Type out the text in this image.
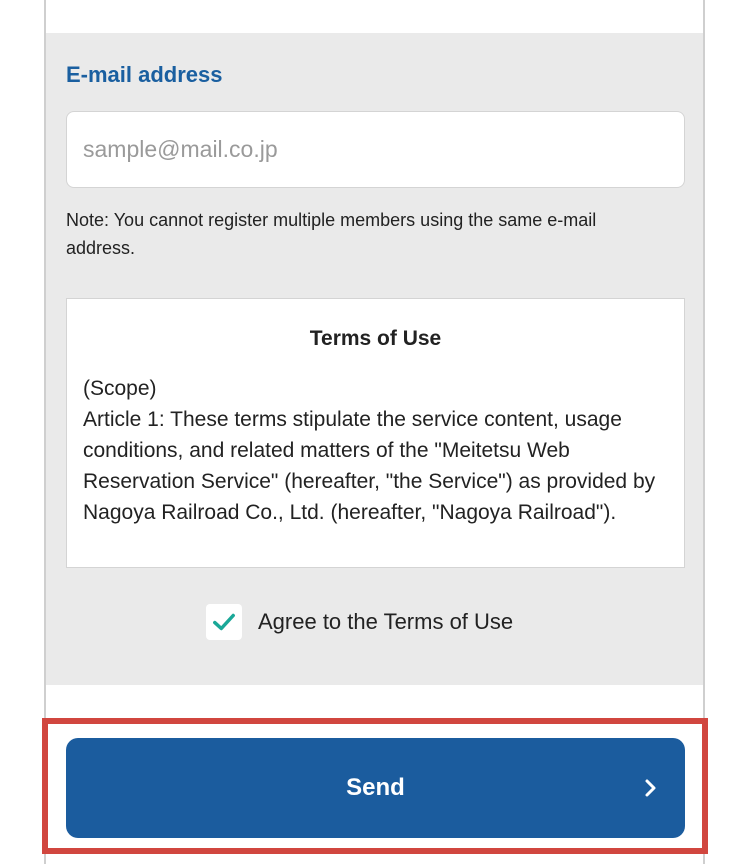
E-mail address
sample@mail.co.jp
Note: You cannot register multiple members using the same e-mail address.
Terms of Use

(Scope)

Article 1: These terms stipulate the service content, usage conditions, and related matters of the "Meitetsu Web Reservation Service" (hereafter, "the Service") as provided by Nagoya Railroad Co., Ltd. (hereafter, "Nagoya Railroad").

Agree to the Terms of Use
Send
